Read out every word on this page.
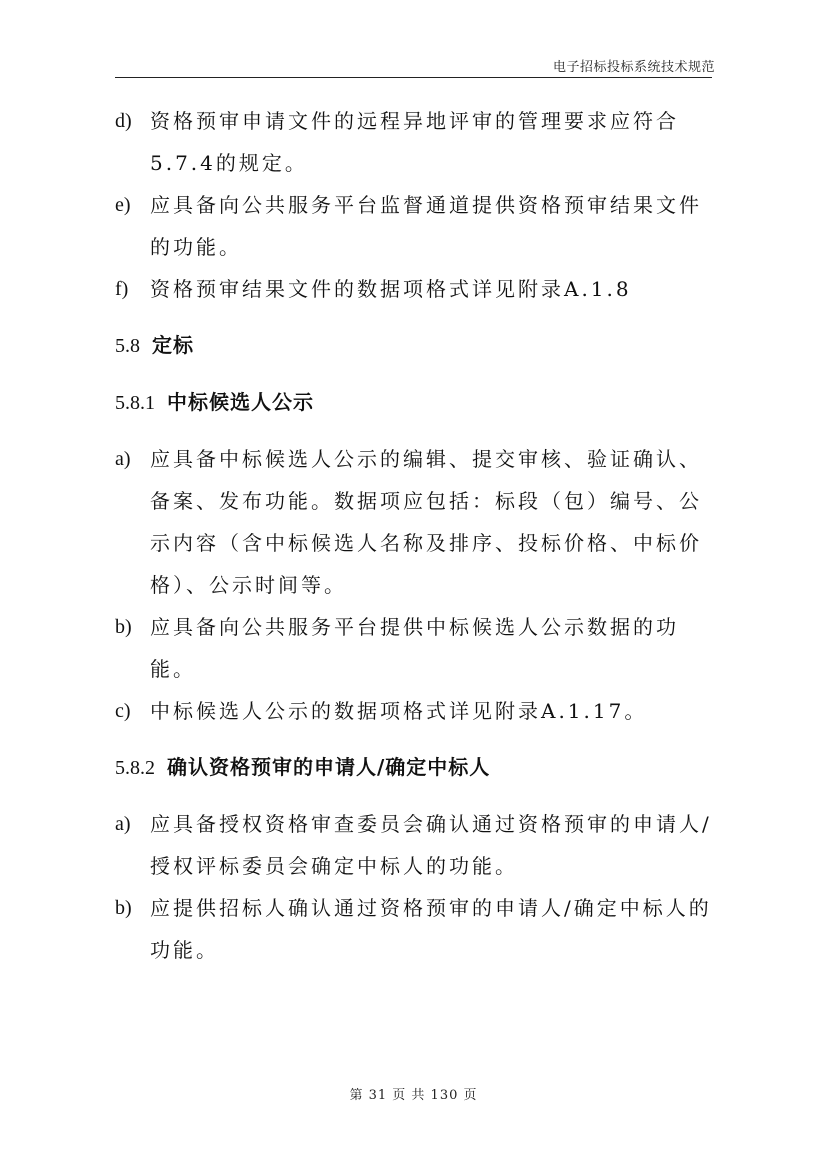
电子招标投标系统技术规范
d) 资格预审申请文件的远程异地评审的管理要求应符合5.7.4的规定。
e) 应具备向公共服务平台监督通道提供资格预审结果文件的功能。
f) 资格预审结果文件的数据项格式详见附录A.1.8
5.8 定标
5.8.1 中标候选人公示
a) 应具备中标候选人公示的编辑、提交审核、验证确认、备案、发布功能。数据项应包括：标段（包）编号、公示内容（含中标候选人名称及排序、投标价格、中标价格）、公示时间等。
b) 应具备向公共服务平台提供中标候选人公示数据的功能。
c) 中标候选人公示的数据项格式详见附录A.1.17。
5.8.2 确认资格预审的申请人/确定中标人
a) 应具备授权资格审查委员会确认通过资格预审的申请人/授权评标委员会确定中标人的功能。
b) 应提供招标人确认通过资格预审的申请人/确定中标人的功能。
第 31 页 共 130 页
